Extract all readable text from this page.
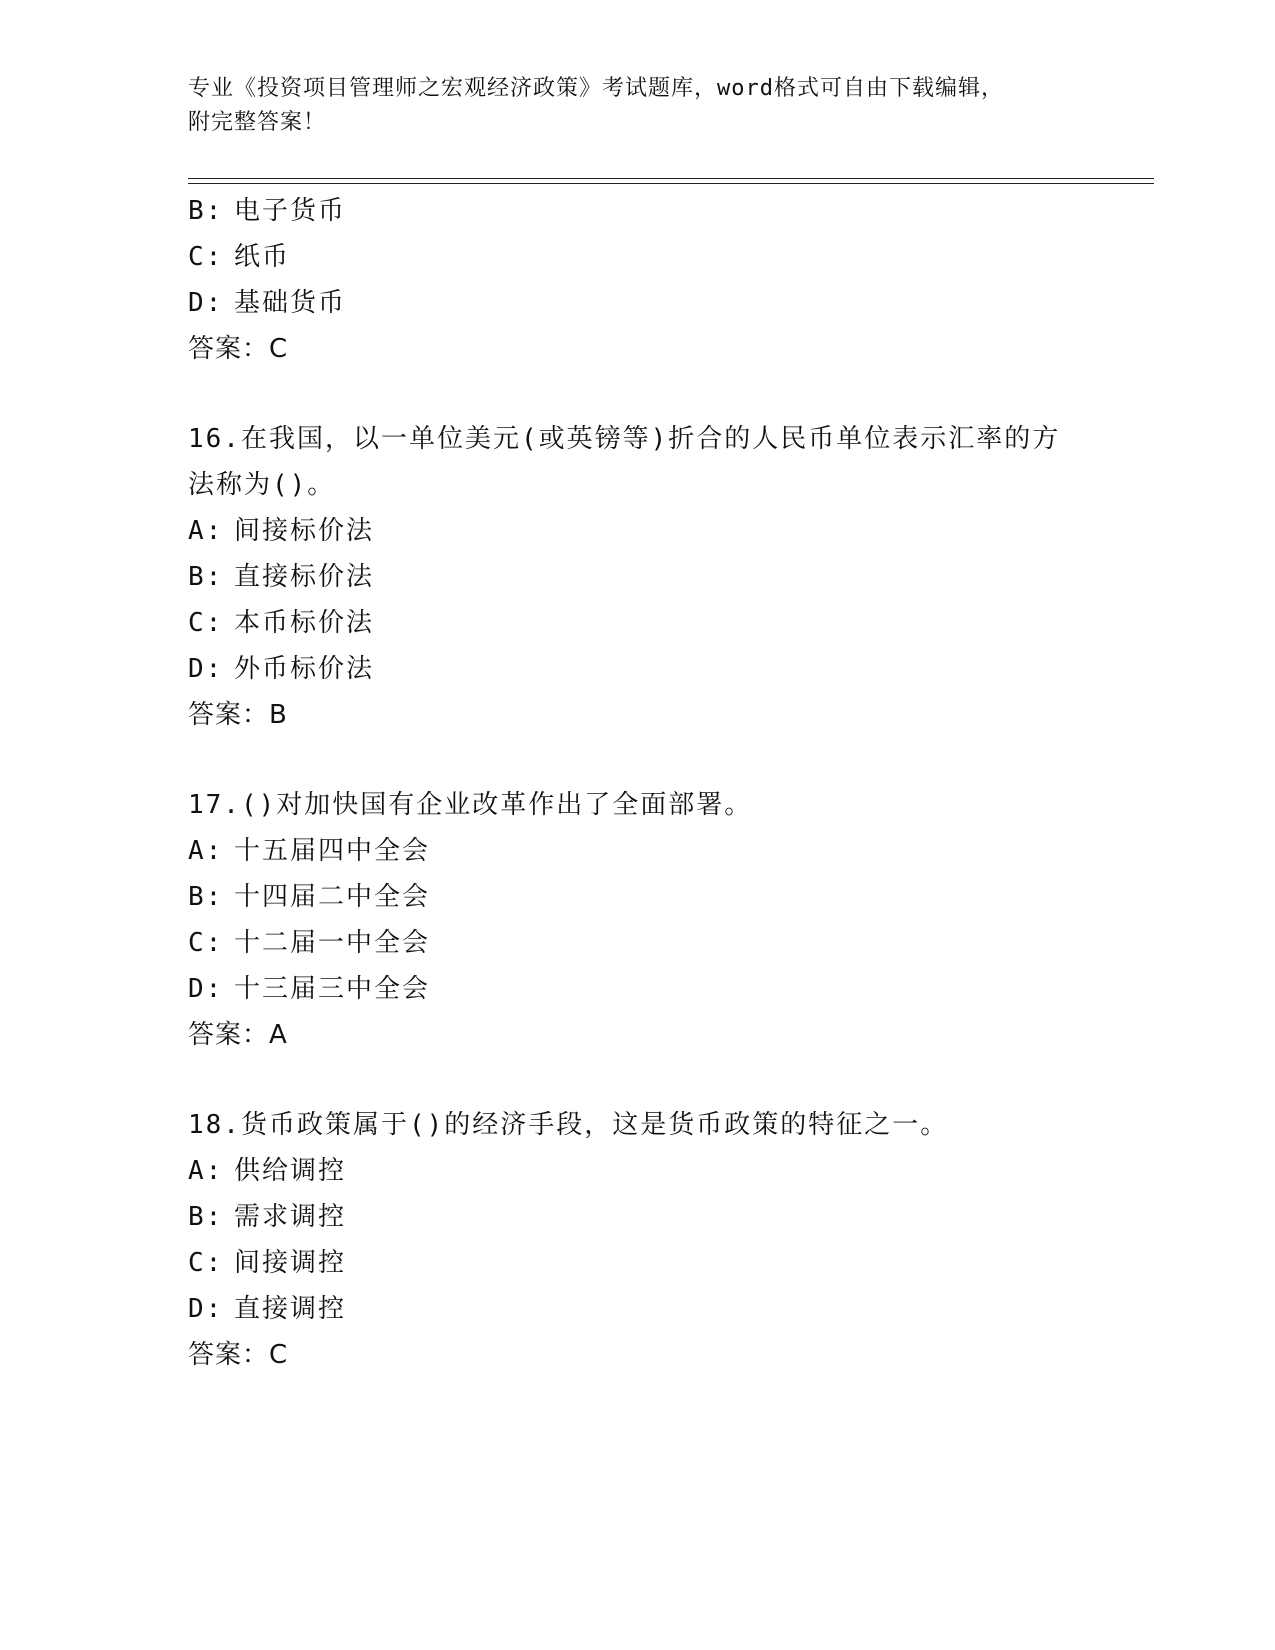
专业《投资项目管理师之宏观经济政策》考试题库，word格式可自由下载编辑，
附完整答案！
B: 电子货币
C: 纸币
D: 基础货币
答案：C
16.在我国，以一单位美元(或英镑等)折合的人民币单位表示汇率的方
法称为()。
A: 间接标价法
B: 直接标价法
C: 本币标价法
D: 外币标价法
答案：B
17.()对加快国有企业改革作出了全面部署。
A: 十五届四中全会
B: 十四届二中全会
C: 十二届一中全会
D: 十三届三中全会
答案：A
18.货币政策属于()的经济手段，这是货币政策的特征之一。
A: 供给调控
B: 需求调控
C: 间接调控
D: 直接调控
答案：C
